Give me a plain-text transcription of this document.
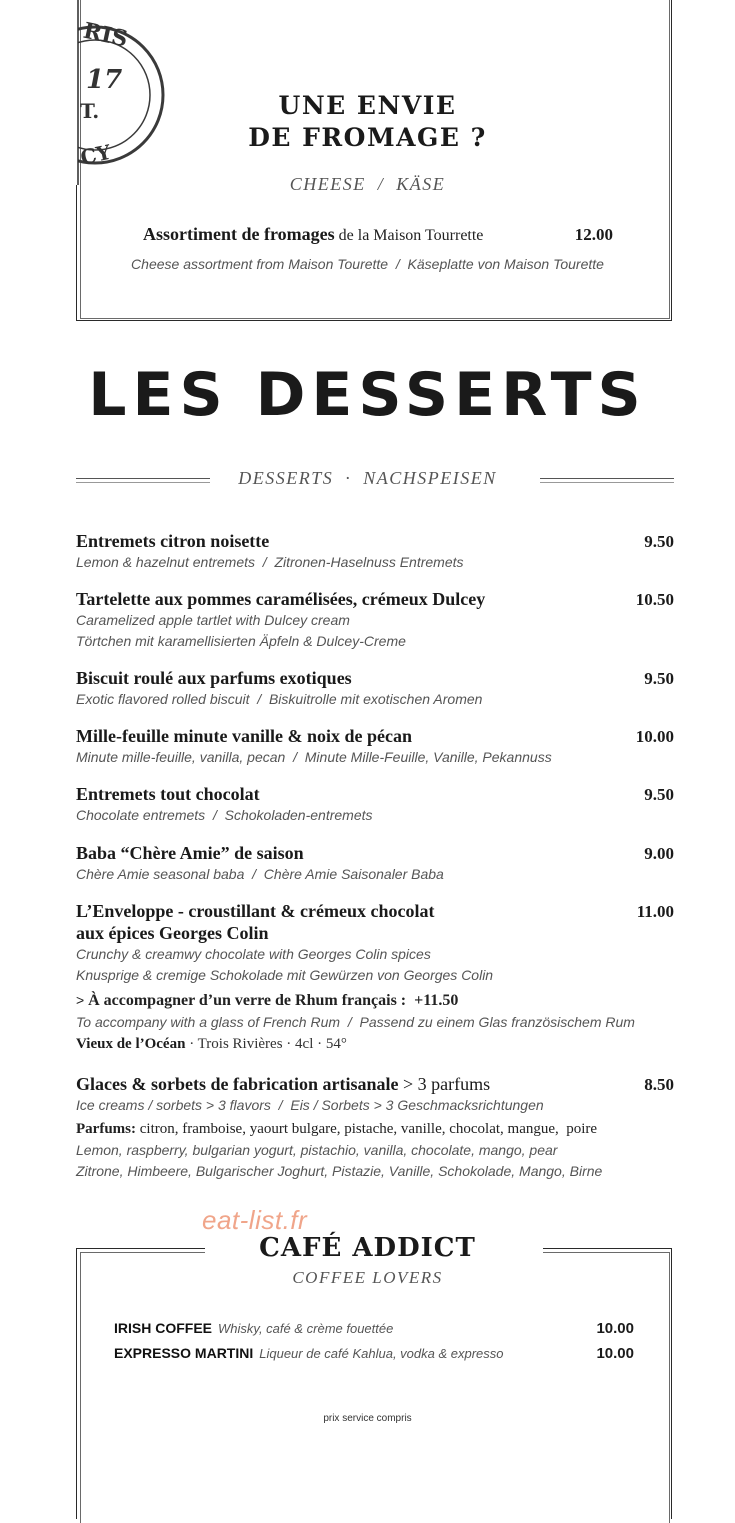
RIS
17
T.
CY
UNE ENVIE
DE FROMAGE ?
CHEESE  /  KÄSE
Assortiment de fromages de la Maison Tourrette	12.00
Cheese assortment from Maison Tourette  /  Käseplatte von Maison Tourette
LES DESSERTS
DESSERTS  ·  NACHSPEISEN
Entremets citron noisette	9.50
Lemon & hazelnut entremets  /  Zitronen-Haselnuss Entremets
Tartelette aux pommes caramélisées, crémeux Dulcey	10.50
Caramelized apple tartlet with Dulcey cream
Törtchen mit karamellisierten Äpfeln & Dulcey-Creme
Biscuit roulé aux parfums exotiques	9.50
Exotic flavored rolled biscuit  /  Biskuitrolle mit exotischen Aromen
Mille-feuille minute vanille & noix de pécan	10.00
Minute mille-feuille, vanilla, pecan  /  Minute Mille-Feuille, Vanille, Pekannuss
Entremets tout chocolat	9.50
Chocolate entremets  /  Schokoladen-entremets
Baba “Chère Amie” de saison	9.00
Chère Amie seasonal baba  /  Chère Amie Saisonaler Baba
L’Enveloppe - croustillant & crémeux chocolat	11.00
aux épices Georges Colin
Crunchy & creamwy chocolate with Georges Colin spices
Knusprige & cremige Schokolade mit Gewürzen von Georges Colin
> À accompagner d’un verre de Rhum français : +11.50
To accompany with a glass of French Rum  /  Passend zu einem Glas französischem Rum
Vieux de l’Océan · Trois Rivières · 4cl · 54°
Glaces & sorbets de fabrication artisanale > 3 parfums	8.50
Ice creams / sorbets > 3 flavors  /  Eis / Sorbets > 3 Geschmacksrichtungen
Parfums: citron, framboise, yaourt bulgare, pistache, vanille, chocolat, mangue,  poire
Lemon, raspberry, bulgarian yogurt, pistachio, vanilla, chocolate, mango, pear
Zitrone, Himbeere, Bulgarischer Joghurt, Pistazie, Vanille, Schokolade, Mango, Birne
eat-list.fr
CAFÉ ADDICT
COFFEE LOVERS
IRISH COFFEE Whisky, café & crème fouettée	10.00
EXPRESSO MARTINI Liqueur de café Kahlua, vodka & expresso	10.00
prix service compris
